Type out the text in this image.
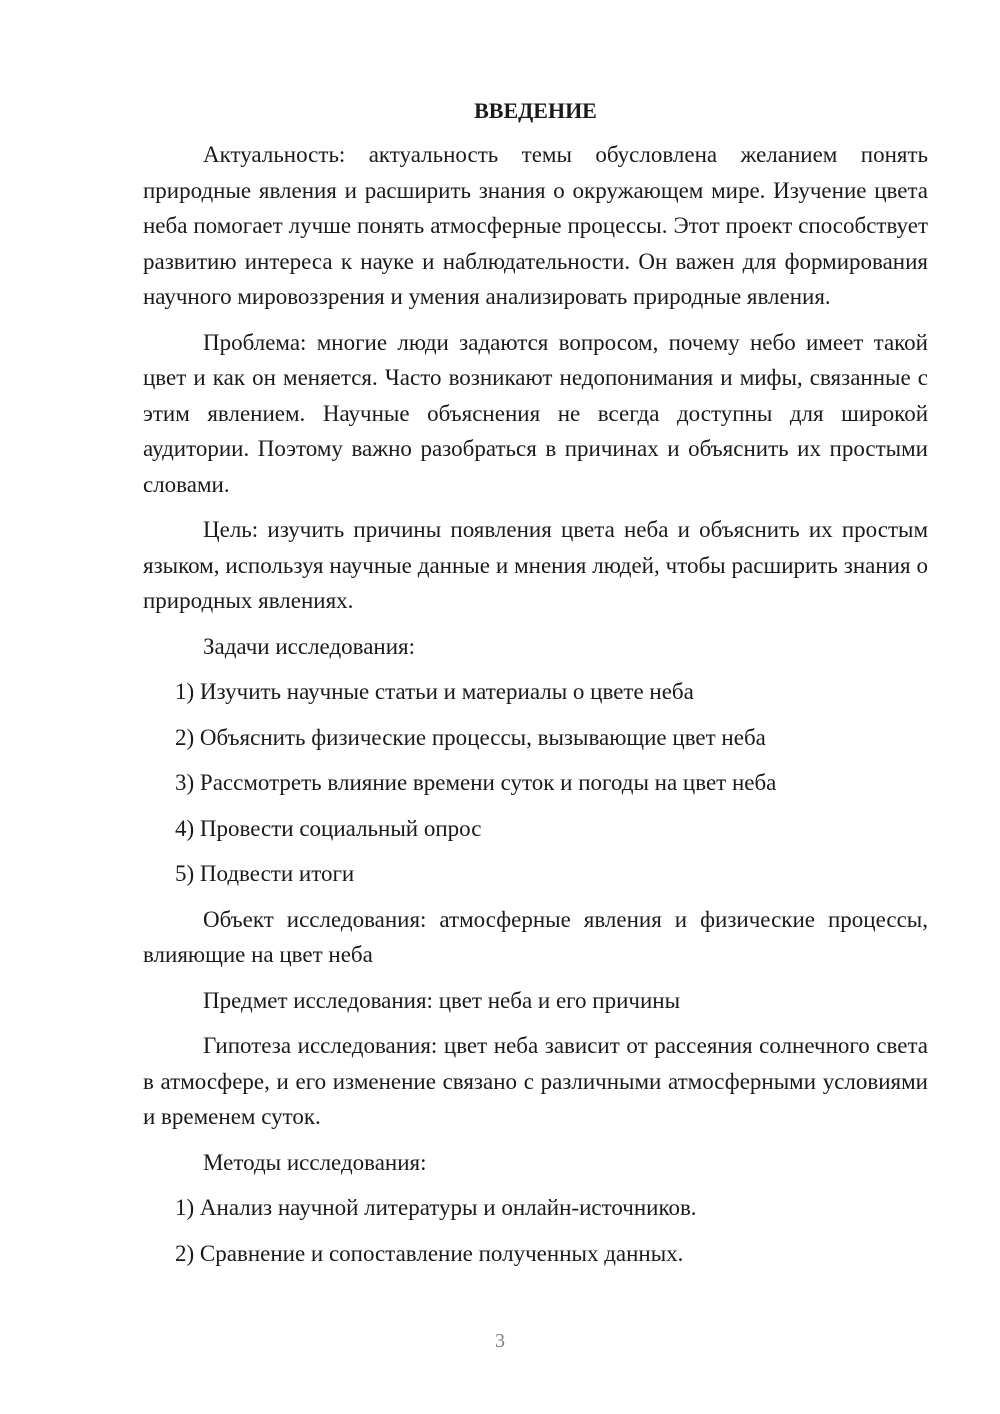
ВВЕДЕНИЕ

Актуальность: актуальность темы обусловлена желанием понять природные явления и расширить знания о окружающем мире. Изучение цвета неба помогает лучше понять атмосферные процессы. Этот проект способствует развитию интереса к науке и наблюдательности. Он важен для формирования научного мировоззрения и умения анализировать природные явления.

Проблема: многие люди задаются вопросом, почему небо имеет такой цвет и как он меняется. Часто возникают недопонимания и мифы, связанные с этим явлением. Научные объяснения не всегда доступны для широкой аудитории. Поэтому важно разобраться в причинах и объяснить их простыми словами.

Цель: изучить причины появления цвета неба и объяснить их простым языком, используя научные данные и мнения людей, чтобы расширить знания о природных явлениях.

Задачи исследования:

1) Изучить научные статьи и материалы о цвете неба
2) Объяснить физические процессы, вызывающие цвет неба
3) Рассмотреть влияние времени суток и погоды на цвет неба
4) Провести социальный опрос
5) Подвести итоги

Объект исследования: атмосферные явления и физические процессы, влияющие на цвет неба

Предмет исследования: цвет неба и его причины

Гипотеза исследования: цвет неба зависит от рассеяния солнечного света в атмосфере, и его изменение связано с различными атмосферными условиями и временем суток.

Методы исследования:

1) Анализ научной литературы и онлайн-источников.
2) Сравнение и сопоставление полученных данных.
3
